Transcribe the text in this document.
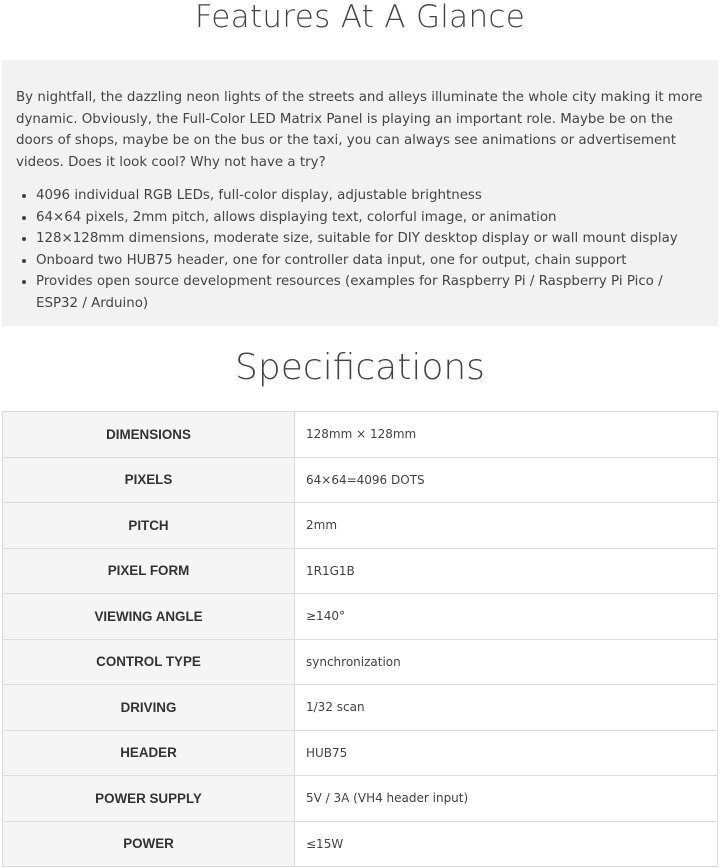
Features At A Glance

By nightfall, the dazzling neon lights of the streets and alleys illuminate the whole city making it more dynamic. Obviously, the Full-Color LED Matrix Panel is playing an important role. Maybe be on the doors of shops, maybe be on the bus or the taxi, you can always see animations or advertisement videos. Does it look cool? Why not have a try?

• 4096 individual RGB LEDs, full-color display, adjustable brightness
• 64×64 pixels, 2mm pitch, allows displaying text, colorful image, or animation
• 128×128mm dimensions, moderate size, suitable for DIY desktop display or wall mount display
• Onboard two HUB75 header, one for controller data input, one for output, chain support
• Provides open source development resources (examples for Raspberry Pi / Raspberry Pi Pico / ESP32 / Arduino)
Specifications
DIMENSIONS	128mm × 128mm
PIXELS	64×64=4096 DOTS
PITCH	2mm
PIXEL FORM	1R1G1B
VIEWING ANGLE	≥140°
CONTROL TYPE	synchronization
DRIVING	1/32 scan
HEADER	HUB75
POWER SUPPLY	5V / 3A (VH4 header input)
POWER	≤15W
